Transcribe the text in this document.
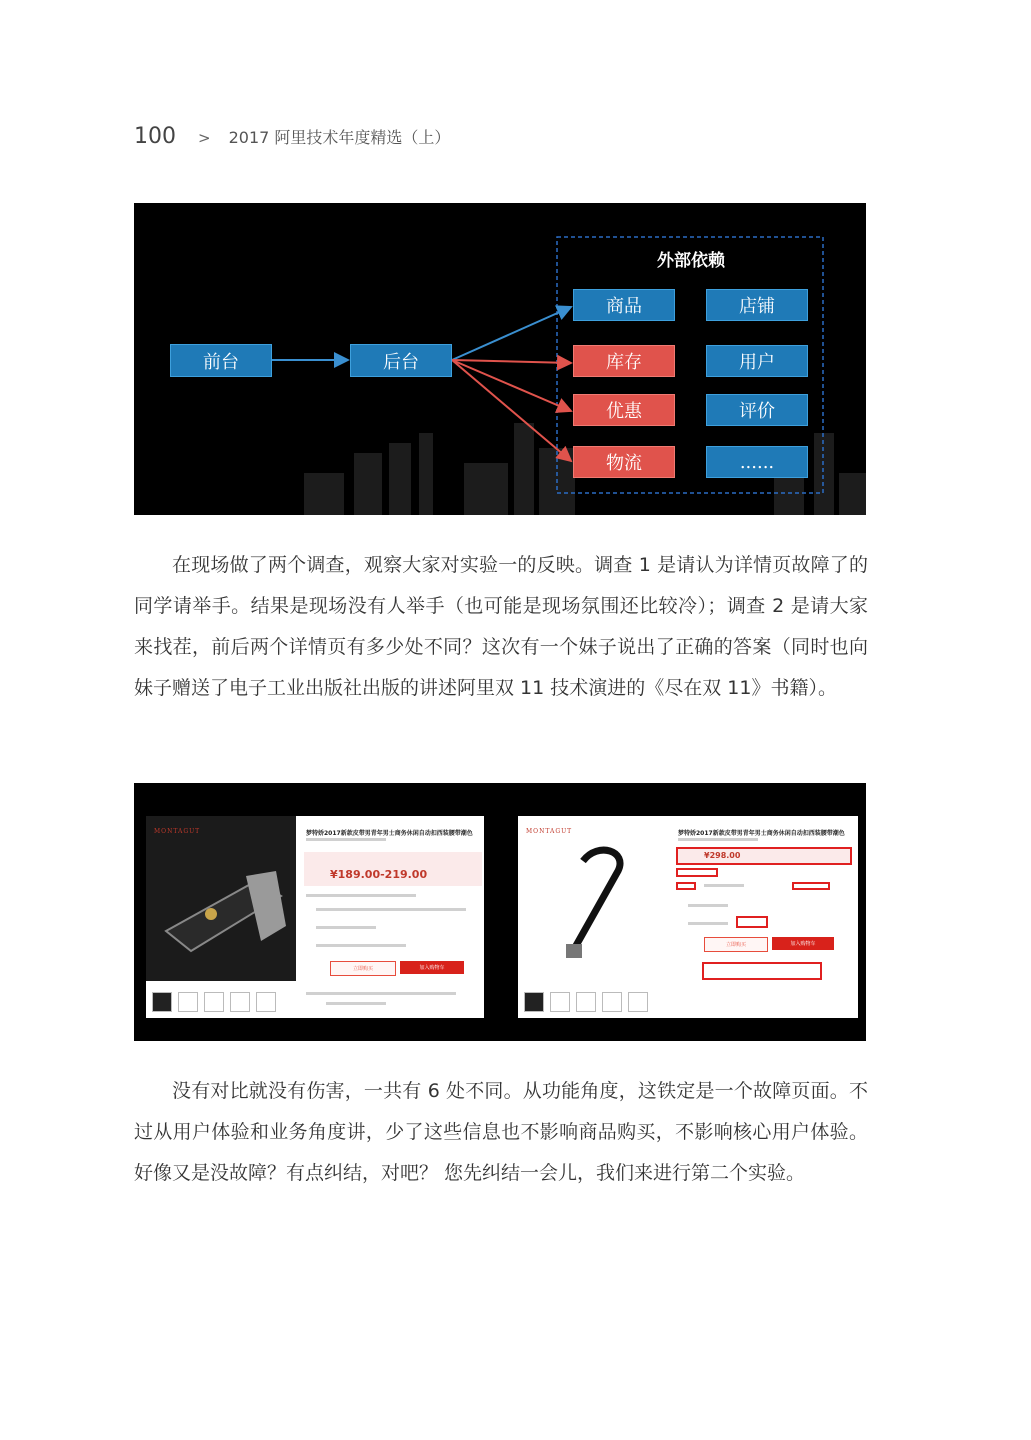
100 > 2017 阿里技术年度精选（上）
前台	后台
外部依赖
商品	店铺
库存	用户
优惠	评价
物流	......

在现场做了两个调查，观察大家对实验一的反映。调查 1 是请认为详情页故障了的同学请举手。结果是现场没有人举手（也可能是现场氛围还比较冷）；调查 2 是请大家来找茬，前后两个详情页有多少处不同？这次有一个妹子说出了正确的答案（同时也向妹子赠送了电子工业出版社出版的讲述阿里双 11 技术演进的《尽在双 11》书籍）。

MONTAGUT	梦特娇2017新款皮带男青年男士商务休闲自动扣西装腰带潮色
¥189.00-219.00
立即购买	加入购物车
MONTAGUT	梦特娇2017新款皮带男青年男士商务休闲自动扣西装腰带潮色
¥298.00
立即购买	加入购物车

没有对比就没有伤害，一共有 6 处不同。从功能角度，这铁定是一个故障页面。不过从用户体验和业务角度讲，少了这些信息也不影响商品购买，不影响核心用户体验。好像又是没故障？有点纠结，对吧？ 您先纠结一会儿，我们来进行第二个实验。
